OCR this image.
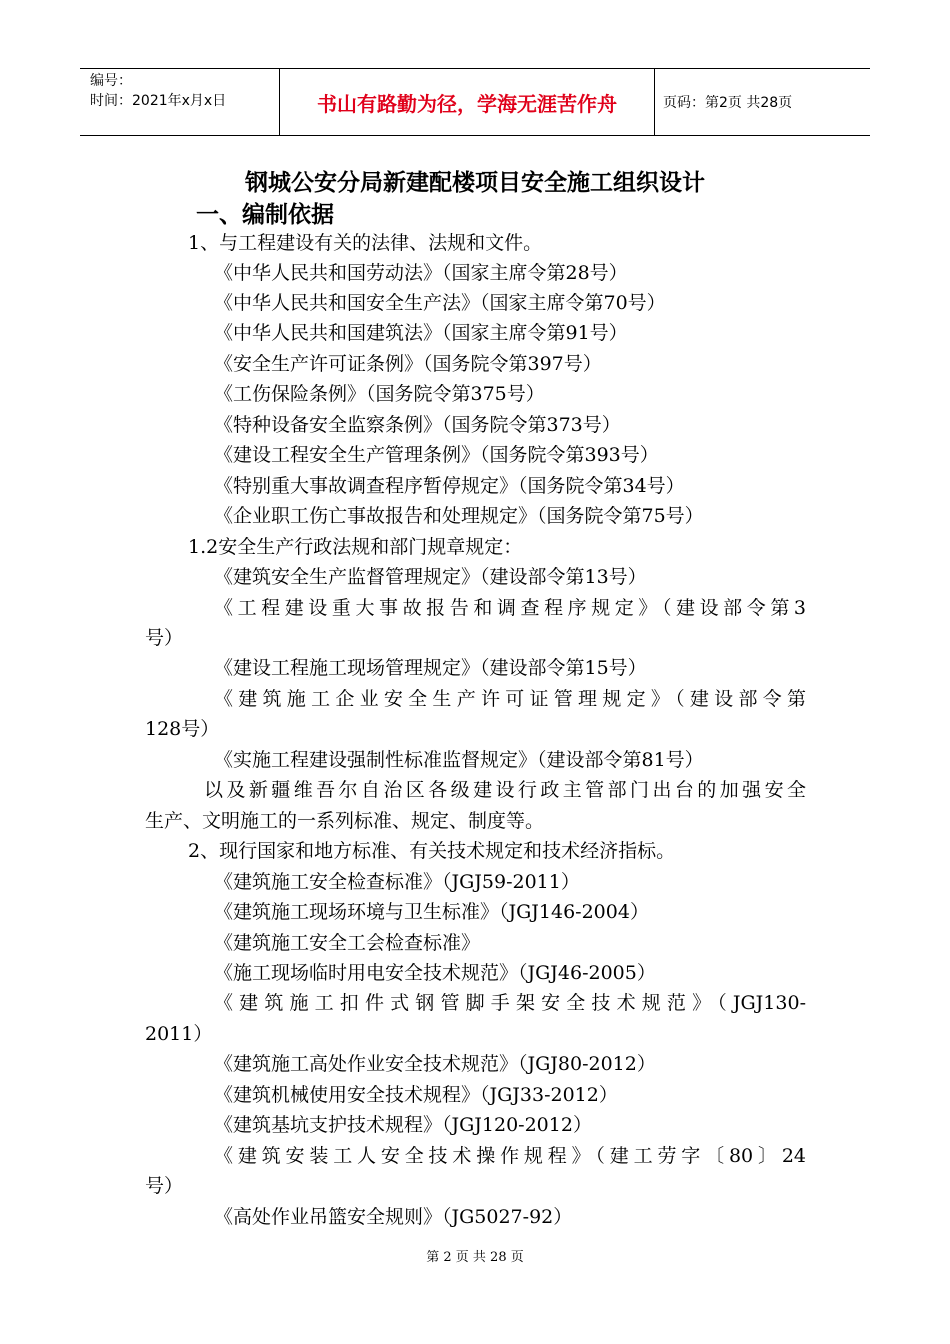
编号：
时间：2021年x月x日	书山有路勤为径，学海无涯苦作舟	页码：第2页 共28页
钢城公安分局新建配楼项目安全施工组织设计
一、编制依据
1、与工程建设有关的法律、法规和文件。
《中华人民共和国劳动法》（国家主席令第28号）
《中华人民共和国安全生产法》（国家主席令第70号）
《中华人民共和国建筑法》（国家主席令第91号）
《安全生产许可证条例》（国务院令第397号）
《工伤保险条例》（国务院令第375号）
《特种设备安全监察条例》（国务院令第373号）
《建设工程安全生产管理条例》（国务院令第393号）
《特别重大事故调查程序暂停规定》（国务院令第34号）
《企业职工伤亡事故报告和处理规定》（国务院令第75号）
1.2安全生产行政法规和部门规章规定：
《建筑安全生产监督管理规定》（建设部令第13号）
《工程建设重大事故报告和调查程序规定》（建设部令第3
号）
《建设工程施工现场管理规定》（建设部令第15号）
《建筑施工企业安全生产许可证管理规定》（建设部令第
128号）
《实施工程建设强制性标准监督规定》（建设部令第81号）
以及新疆维吾尔自治区各级建设行政主管部门出台的加强安全
生产、文明施工的一系列标准、规定、制度等。
2、现行国家和地方标准、有关技术规定和技术经济指标。
《建筑施工安全检查标准》（JGJ59-2011）
《建筑施工现场环境与卫生标准》（JGJ146-2004）
《建筑施工安全工会检查标准》
《施工现场临时用电安全技术规范》（JGJ46-2005）
《建筑施工扣件式钢管脚手架安全技术规范》（JGJ130-
2011）
《建筑施工高处作业安全技术规范》（JGJ80-2012）
《建筑机械使用安全技术规程》（JGJ33-2012）
《建筑基坑支护技术规程》（JGJ120-2012）
《建筑安装工人安全技术操作规程》（建工劳字〔80〕24
号）
《高处作业吊篮安全规则》（JG5027-92）
第 2 页 共 28 页
